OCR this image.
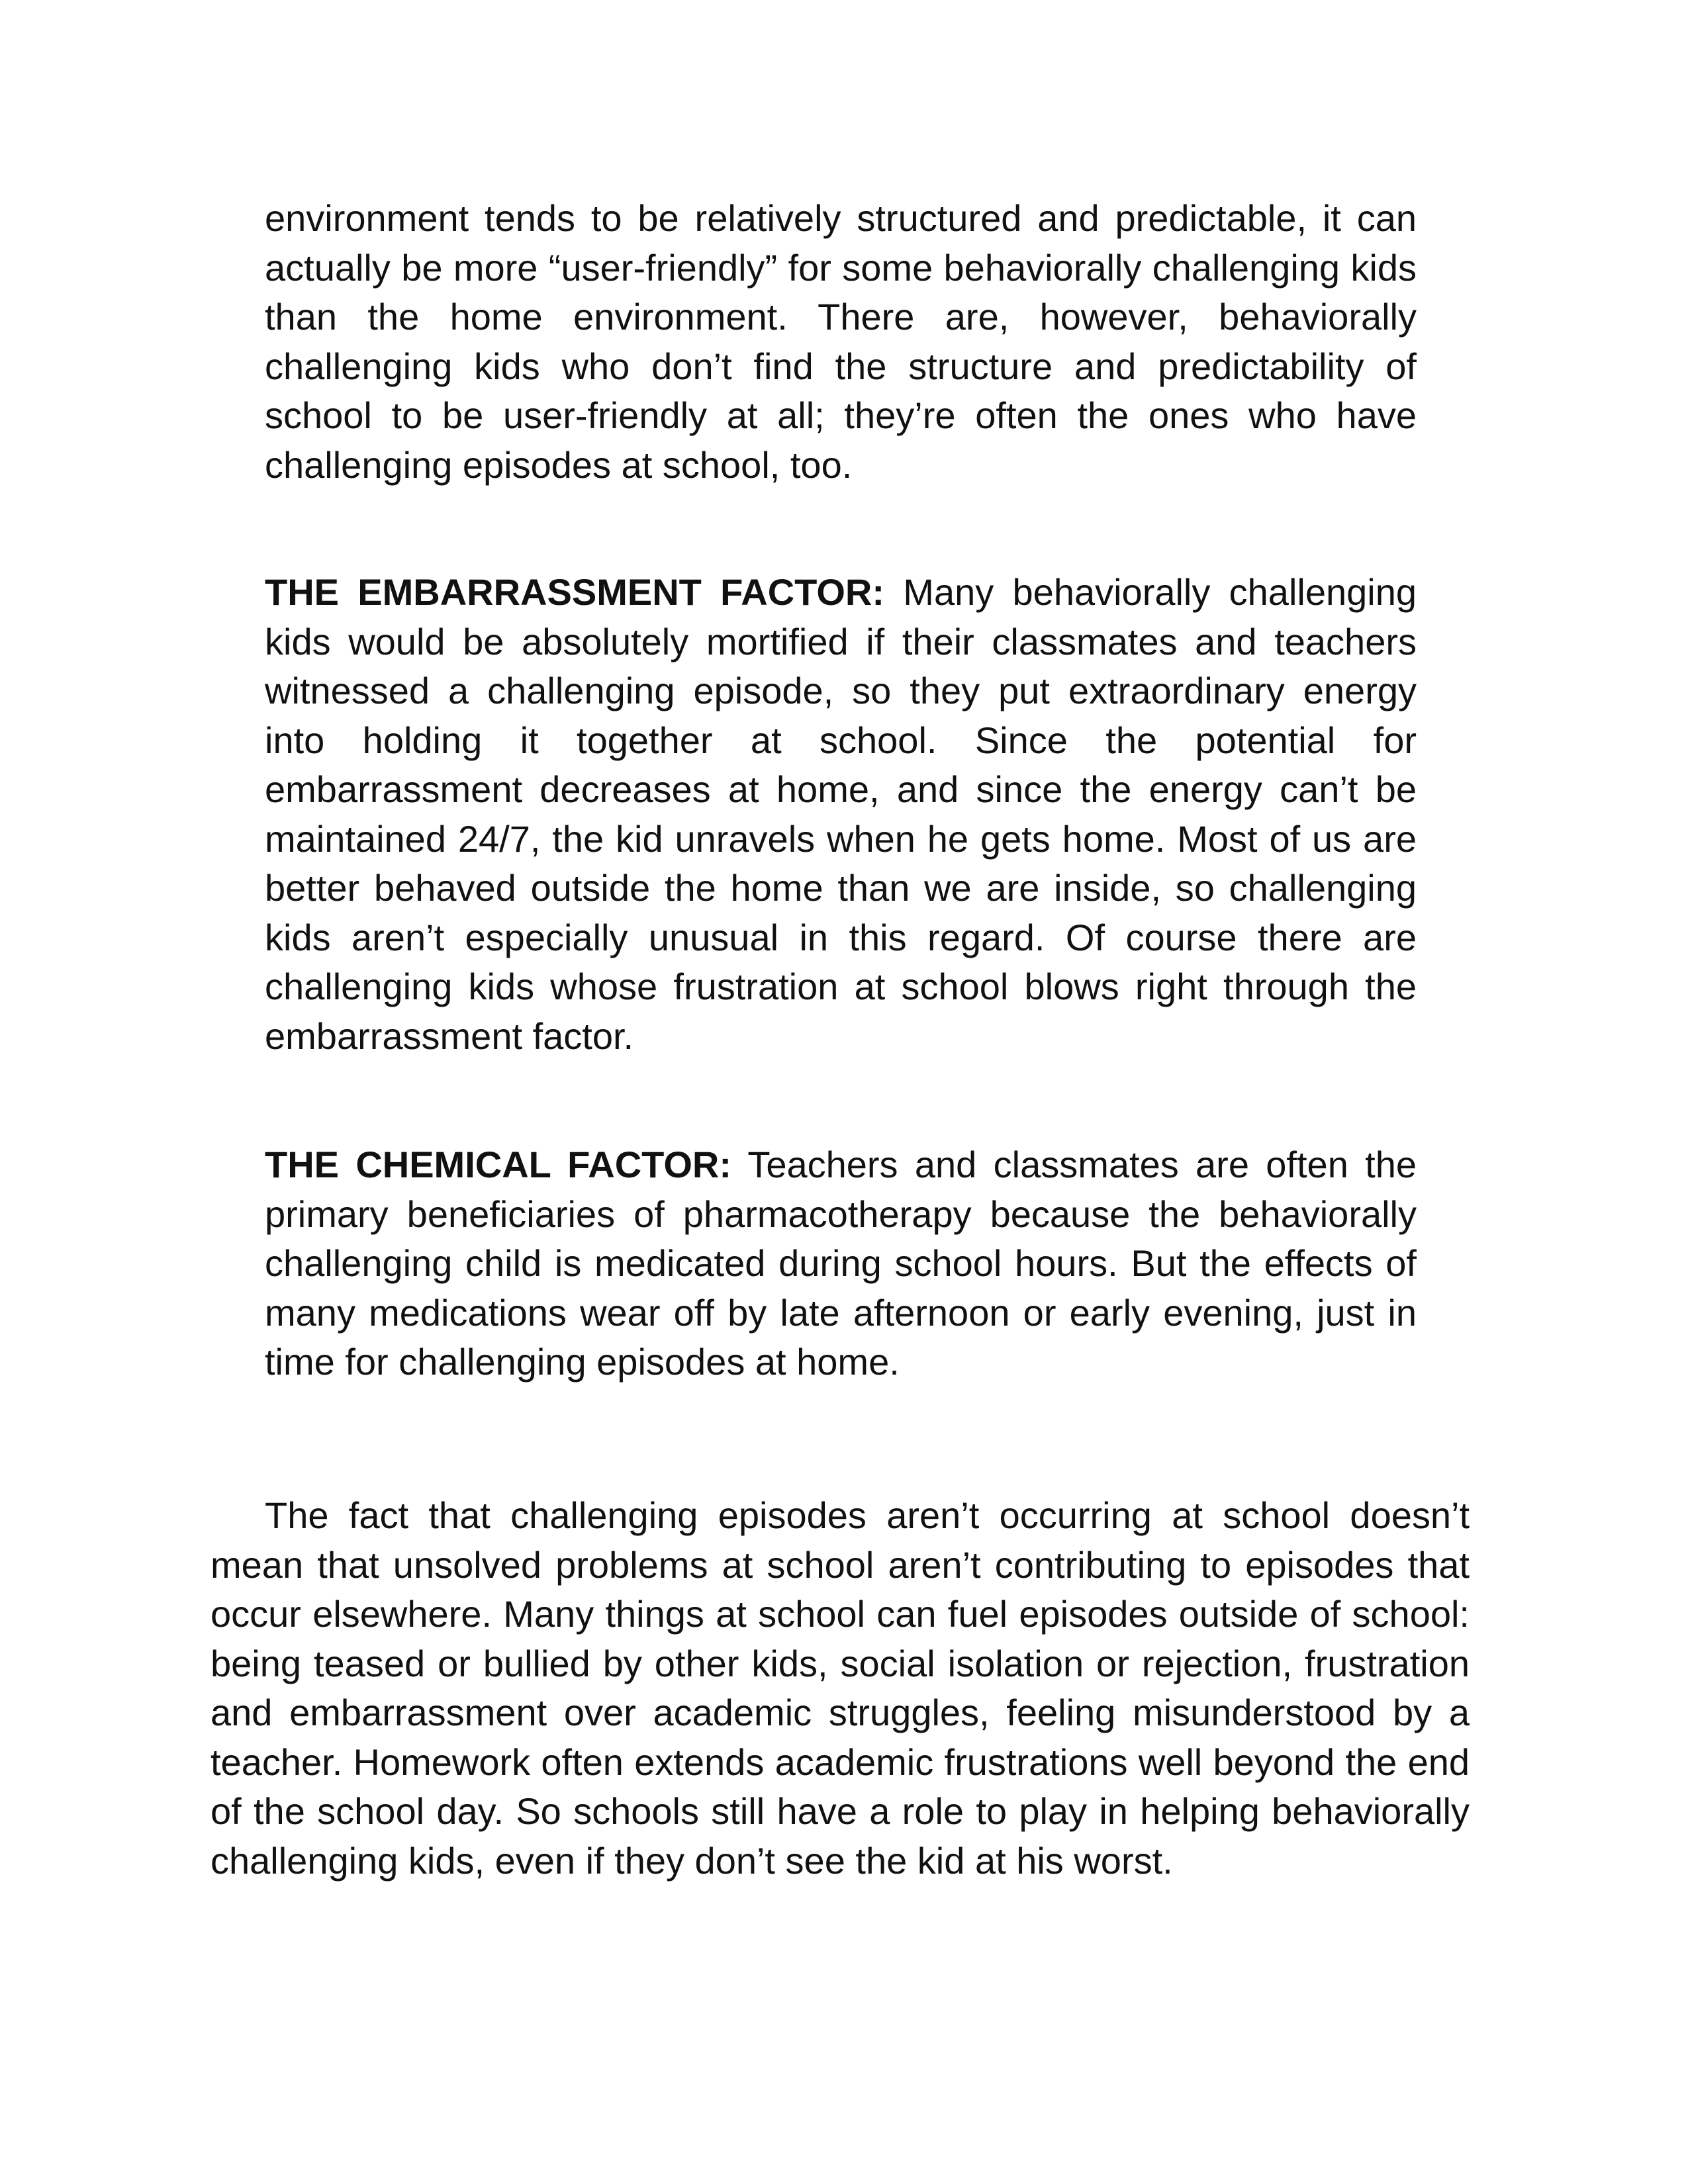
environment tends to be relatively structured and predictable, it can actually be more “user-friendly” for some behaviorally challenging kids than the home environment. There are, however, behaviorally challenging kids who don’t find the structure and predictability of school to be user-friendly at all; they’re often the ones who have challenging episodes at school, too.

THE EMBARRASSMENT FACTOR: Many behaviorally challenging kids would be absolutely mortified if their classmates and teachers witnessed a challenging episode, so they put extraordinary energy into holding it together at school. Since the potential for embarrassment decreases at home, and since the energy can’t be maintained 24/7, the kid unravels when he gets home. Most of us are better behaved outside the home than we are inside, so challenging kids aren’t especially unusual in this regard. Of course there are challenging kids whose frustration at school blows right through the embarrassment factor.

THE CHEMICAL FACTOR: Teachers and classmates are often the primary beneficiaries of pharmacotherapy because the behaviorally challenging child is medicated during school hours. But the effects of many medications wear off by late afternoon or early evening, just in time for challenging episodes at home.

The fact that challenging episodes aren’t occurring at school doesn’t mean that unsolved problems at school aren’t contributing to episodes that occur elsewhere. Many things at school can fuel episodes outside of school: being teased or bullied by other kids, social isolation or rejection, frustration and embarrassment over academic struggles, feeling misunderstood by a teacher. Homework often extends academic frustrations well beyond the end of the school day. So schools still have a role to play in helping behaviorally challenging kids, even if they don’t see the kid at his worst.
